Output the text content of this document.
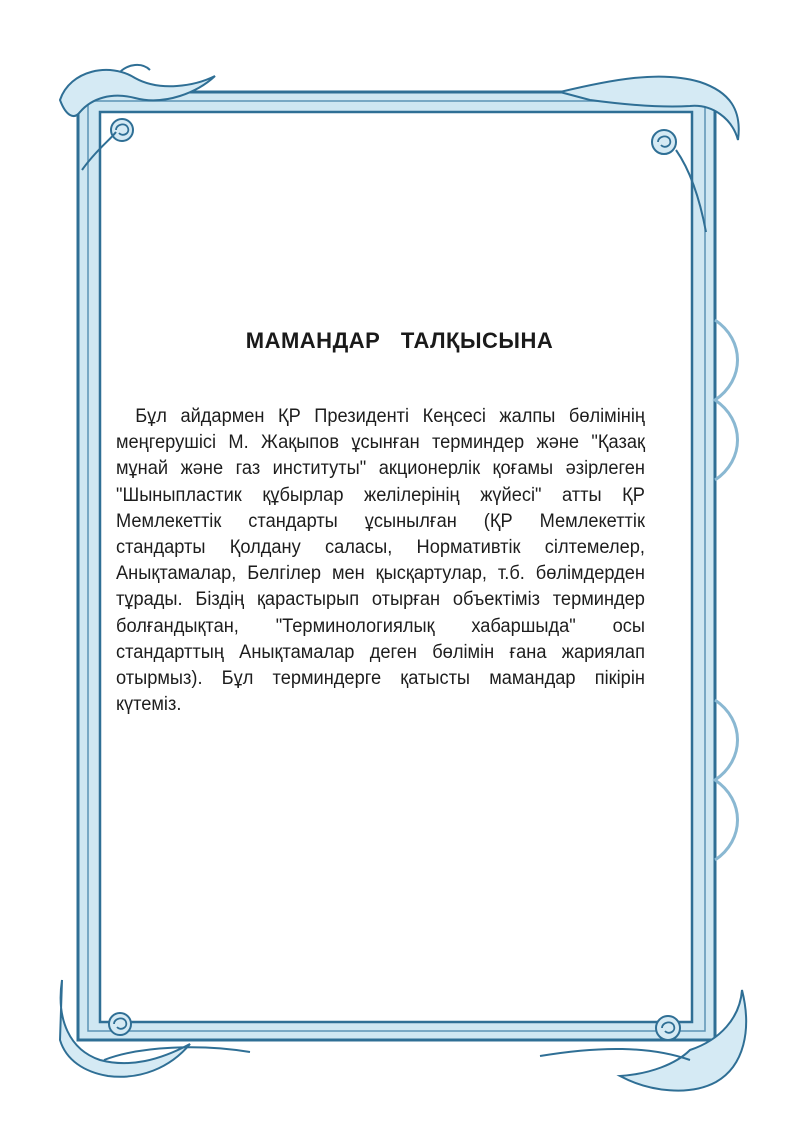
МАМАНДАР ТАЛҚЫСЫНА

Бұл айдармен ҚР Президенті Кеңсесі жалпы бөлімінің меңгерушісі М. Жақыпов ұсынған терминдер және "Қазақ мұнай және газ институты" акционерлік қоғамы әзірлеген "Шыныпластик құбырлар желілерінің жүйесі" атты ҚР Мемлекеттік стандарты ұсынылған (ҚР Мемлекеттік стандарты Қолдану саласы, Нормативтік сілтемелер, Анықтамалар, Белгілер мен қысқартулар, т.б. бөлімдерден тұрады. Біздің қарастырып отырған объектіміз терминдер болғандықтан, "Терминологиялық хабаршыда" осы стандарттың Анықтамалар деген бөлімін ғана жариялап отырмыз). Бұл терминдерге қатысты мамандар пікірін күтеміз.
